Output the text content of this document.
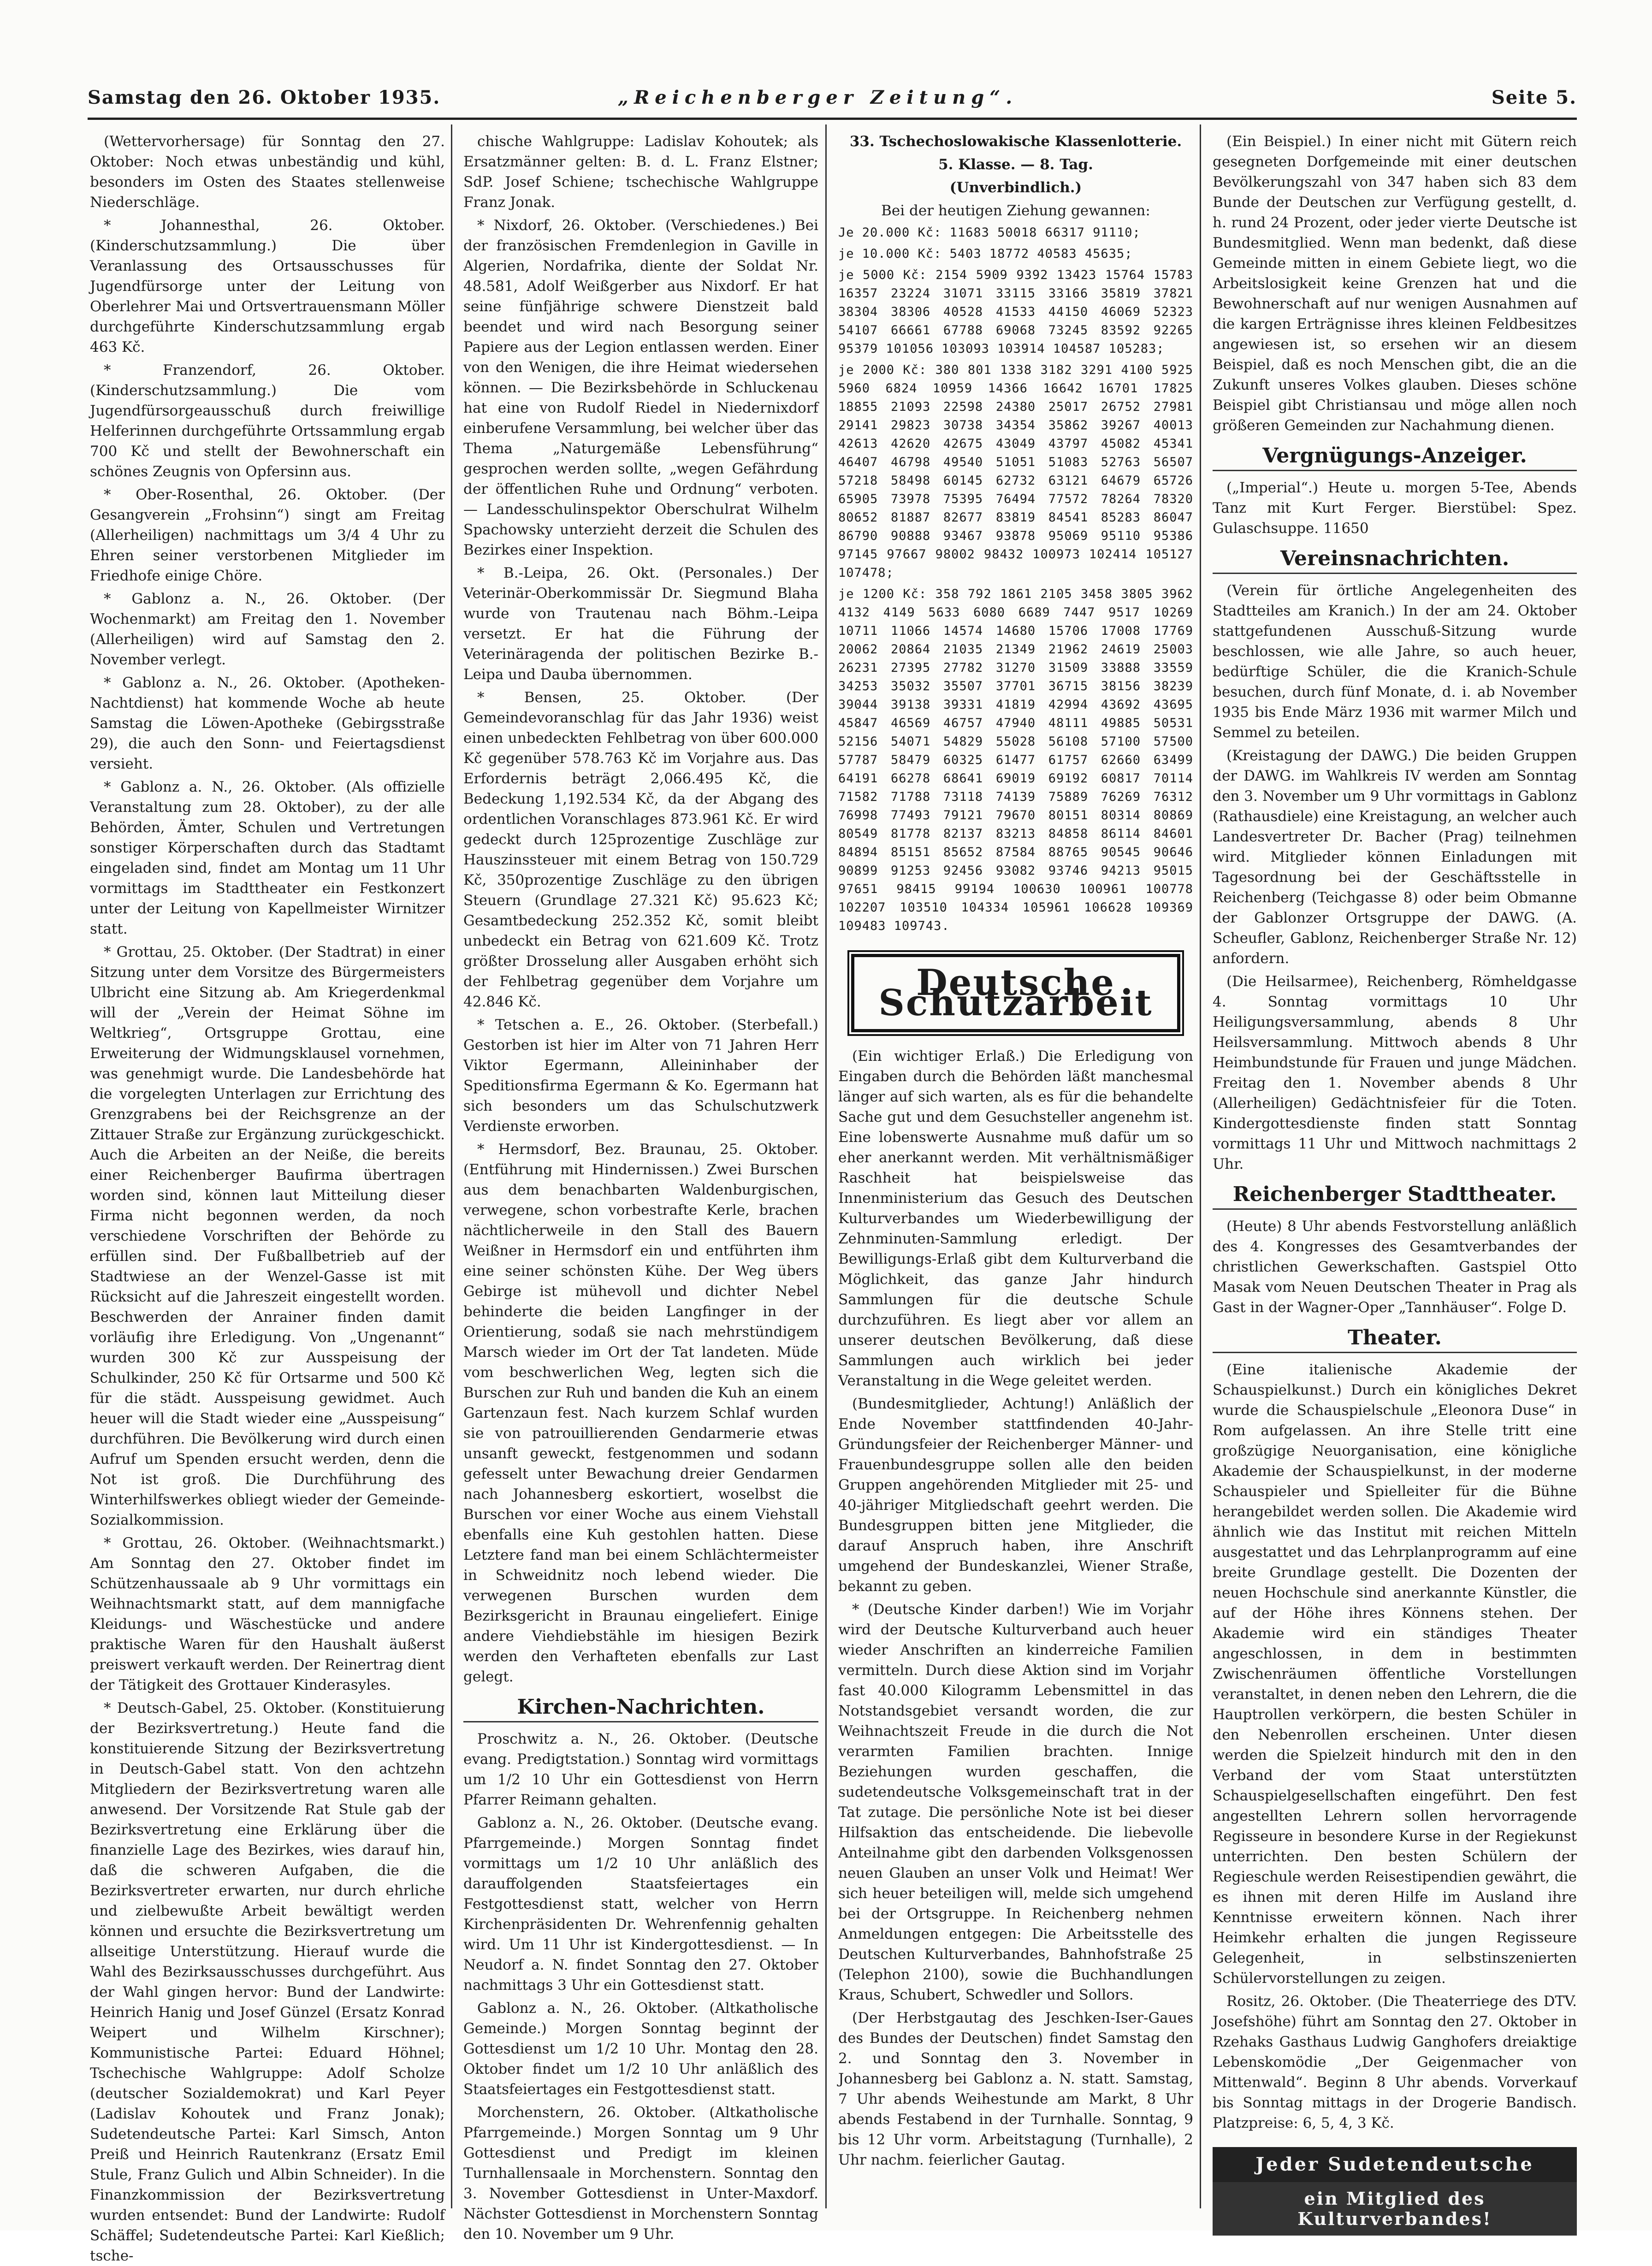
Samstag den 26. Oktober 1935.	„Reichenberger Zeitung“.	Seite 5.

(Wettervorhersage) für Sonntag den 27. Oktober: Noch etwas unbeständig und kühl, besonders im Osten des Staates stellenweise Niederschläge.

* Johannesthal, 26. Oktober. (Kinderschutzsammlung.) Die über Veranlassung des Ortsausschusses für Jugendfürsorge unter der Leitung von Oberlehrer Mai und Ortsvertrauensmann Möller durchgeführte Kinderschutzsammlung ergab 463 Kč.

* Franzendorf, 26. Oktober. (Kinderschutzsammlung.) Die vom Jugendfürsorgeausschuß durch freiwillige Helferinnen durchgeführte Ortssammlung ergab 700 Kč und stellt der Bewohnerschaft ein schönes Zeugnis von Opfersinn aus.

* Ober-Rosenthal, 26. Oktober. (Der Gesangverein „Frohsinn“) singt am Freitag (Allerheiligen) nachmittags um 3/4 4 Uhr zu Ehren seiner verstorbenen Mitglieder im Friedhofe einige Chöre.

* Gablonz a. N., 26. Oktober. (Der Wochenmarkt) am Freitag den 1. November (Allerheiligen) wird auf Samstag den 2. November verlegt.

* Gablonz a. N., 26. Oktober. (Apotheken-Nachtdienst) hat kommende Woche ab heute Samstag die Löwen-Apotheke (Gebirgsstraße 29), die auch den Sonn- und Feiertagsdienst versieht.

* Gablonz a. N., 26. Oktober. (Als offizielle Veranstaltung zum 28. Oktober), zu der alle Behörden, Ämter, Schulen und Vertretungen sonstiger Körperschaften durch das Stadtamt eingeladen sind, findet am Montag um 11 Uhr vormittags im Stadttheater ein Festkonzert unter der Leitung von Kapellmeister Wirnitzer statt.

* Grottau, 25. Oktober. (Der Stadtrat) in einer Sitzung unter dem Vorsitze des Bürgermeisters Ulbricht eine Sitzung ab. Am Kriegerdenkmal will der „Verein der Heimat Söhne im Weltkrieg“, Ortsgruppe Grottau, eine Erweiterung der Widmungsklausel vornehmen, was genehmigt wurde. Die Landesbehörde hat die vorgelegten Unterlagen zur Errichtung des Grenzgrabens bei der Reichsgrenze an der Zittauer Straße zur Ergänzung zurückgeschickt. Auch die Arbeiten an der Neiße, die bereits einer Reichenberger Baufirma übertragen worden sind, können laut Mitteilung dieser Firma nicht begonnen werden, da noch verschiedene Vorschriften der Behörde zu erfüllen sind. Der Fußballbetrieb auf der Stadtwiese an der Wenzel-Gasse ist mit Rücksicht auf die Jahreszeit eingestellt worden. Beschwerden der Anrainer finden damit vorläufig ihre Erledigung. Von „Ungenannt“ wurden 300 Kč zur Ausspeisung der Schulkinder, 250 Kč für Ortsarme und 500 Kč für die städt. Ausspeisung gewidmet. Auch heuer will die Stadt wieder eine „Ausspeisung“ durchführen. Die Bevölkerung wird durch einen Aufruf um Spenden ersucht werden, denn die Not ist groß. Die Durchführung des Winterhilfswerkes obliegt wieder der Gemeinde-Sozialkommission.

* Grottau, 26. Oktober. (Weihnachtsmarkt.) Am Sonntag den 27. Oktober findet im Schützenhaussaale ab 9 Uhr vormittags ein Weihnachtsmarkt statt, auf dem mannigfache Kleidungs- und Wäschestücke und andere praktische Waren für den Haushalt äußerst preiswert verkauft werden. Der Reinertrag dient der Tätigkeit des Grottauer Kinderasyles.

* Deutsch-Gabel, 25. Oktober. (Konstituierung der Bezirksvertretung.) Heute fand die konstituierende Sitzung der Bezirksvertretung in Deutsch-Gabel statt. Von den achtzehn Mitgliedern der Bezirksvertretung waren alle anwesend. Der Vorsitzende Rat Stule gab der Bezirksvertretung eine Erklärung über die finanzielle Lage des Bezirkes, wies darauf hin, daß die schweren Aufgaben, die die Bezirksvertreter erwarten, nur durch ehrliche und zielbewußte Arbeit bewältigt werden können und ersuchte die Bezirksvertretung um allseitige Unterstützung. Hierauf wurde die Wahl des Bezirksausschusses durchgeführt. Aus der Wahl gingen hervor: Bund der Landwirte: Heinrich Hanig und Josef Günzel (Ersatz Konrad Weipert und Wilhelm Kirschner); Kommunistische Partei: Eduard Höhnel; Tschechische Wahlgruppe: Adolf Scholze (deutscher Sozialdemokrat) und Karl Peyer (Ladislav Kohoutek und Franz Jonak); Sudetendeutsche Partei: Karl Simsch, Anton Preiß und Heinrich Rautenkranz (Ersatz Emil Stule, Franz Gulich und Albin Schneider). In die Finanzkommission der Bezirksvertretung wurden entsendet: Bund der Landwirte: Rudolf Schäffel; Sudetendeutsche Partei: Karl Kießlich; tsche-

chische Wahlgruppe: Ladislav Kohoutek; als Ersatzmänner gelten: B. d. L. Franz Elstner; SdP. Josef Schiene; tschechische Wahlgruppe Franz Jonak.

* Nixdorf, 26. Oktober. (Verschiedenes.) Bei der französischen Fremdenlegion in Gaville in Algerien, Nordafrika, diente der Soldat Nr. 48.581, Adolf Weißgerber aus Nixdorf. Er hat seine fünfjährige schwere Dienstzeit bald beendet und wird nach Besorgung seiner Papiere aus der Legion entlassen werden. Einer von den Wenigen, die ihre Heimat wiedersehen können. — Die Bezirksbehörde in Schluckenau hat eine von Rudolf Riedel in Niedernixdorf einberufene Versammlung, bei welcher über das Thema „Naturgemäße Lebensführung“ gesprochen werden sollte, „wegen Gefährdung der öffentlichen Ruhe und Ordnung“ verboten. — Landesschulinspektor Oberschulrat Wilhelm Spachowsky unterzieht derzeit die Schulen des Bezirkes einer Inspektion.

* B.-Leipa, 26. Okt. (Personales.) Der Veterinär-Oberkommissär Dr. Siegmund Blaha wurde von Trautenau nach Böhm.-Leipa versetzt. Er hat die Führung der Veterinäragenda der politischen Bezirke B.-Leipa und Dauba übernommen.

* Bensen, 25. Oktober. (Der Gemeindevoranschlag für das Jahr 1936) weist einen unbedeckten Fehlbetrag von über 600.000 Kč gegenüber 578.763 Kč im Vorjahre aus. Das Erfordernis beträgt 2,066.495 Kč, die Bedeckung 1,192.534 Kč, da der Abgang des ordentlichen Voranschlages 873.961 Kč. Er wird gedeckt durch 125prozentige Zuschläge zur Hauszinssteuer mit einem Betrag von 150.729 Kč, 350prozentige Zuschläge zu den übrigen Steuern (Grundlage 27.321 Kč) 95.623 Kč; Gesamtbedeckung 252.352 Kč, somit bleibt unbedeckt ein Betrag von 621.609 Kč. Trotz größter Drosselung aller Ausgaben erhöht sich der Fehlbetrag gegenüber dem Vorjahre um 42.846 Kč.

* Tetschen a. E., 26. Oktober. (Sterbefall.) Gestorben ist hier im Alter von 71 Jahren Herr Viktor Egermann, Alleininhaber der Speditionsfirma Egermann & Ko. Egermann hat sich besonders um das Schulschutzwerk Verdienste erworben.

* Hermsdorf, Bez. Braunau, 25. Oktober. (Entführung mit Hindernissen.) Zwei Burschen aus dem benachbarten Waldenburgischen, verwegene, schon vorbestrafte Kerle, brachen nächtlicherweile in den Stall des Bauern Weißner in Hermsdorf ein und entführten ihm eine seiner schönsten Kühe. Der Weg übers Gebirge ist mühevoll und dichter Nebel behinderte die beiden Langfinger in der Orientierung, sodaß sie nach mehrstündigem Marsch wieder im Ort der Tat landeten. Müde vom beschwerlichen Weg, legten sich die Burschen zur Ruh und banden die Kuh an einem Gartenzaun fest. Nach kurzem Schlaf wurden sie von patrouillierenden Gendarmerie etwas unsanft geweckt, festgenommen und sodann gefesselt unter Bewachung dreier Gendarmen nach Johannesberg eskortiert, woselbst die Burschen vor einer Woche aus einem Viehstall ebenfalls eine Kuh gestohlen hatten. Diese Letztere fand man bei einem Schlächtermeister in Schweidnitz noch lebend wieder. Die verwegenen Burschen wurden dem Bezirksgericht in Braunau eingeliefert. Einige andere Viehdiebstähle im hiesigen Bezirk werden den Verhafteten ebenfalls zur Last gelegt.

Kirchen-Nachrichten.

Proschwitz a. N., 26. Oktober. (Deutsche evang. Predigtstation.) Sonntag wird vormittags um 1/2 10 Uhr ein Gottesdienst von Herrn Pfarrer Reimann gehalten.

Gablonz a. N., 26. Oktober. (Deutsche evang. Pfarrgemeinde.) Morgen Sonntag findet vormittags um 1/2 10 Uhr anläßlich des darauffolgenden Staatsfeiertages ein Festgottesdienst statt, welcher von Herrn Kirchenpräsidenten Dr. Wehrenfennig gehalten wird. Um 11 Uhr ist Kindergottesdienst. — In Neudorf a. N. findet Sonntag den 27. Oktober nachmittags 3 Uhr ein Gottesdienst statt.

Gablonz a. N., 26. Oktober. (Altkatholische Gemeinde.) Morgen Sonntag beginnt der Gottesdienst um 1/2 10 Uhr. Montag den 28. Oktober findet um 1/2 10 Uhr anläßlich des Staatsfeiertages ein Festgottesdienst statt.

Morchenstern, 26. Oktober. (Altkatholische Pfarrgemeinde.) Morgen Sonntag um 9 Uhr Gottesdienst und Predigt im kleinen Turnhallensaale in Morchenstern. Sonntag den 3. November Gottesdienst in Unter-Maxdorf. Nächster Gottesdienst in Morchenstern Sonntag den 10. November um 9 Uhr.

33. Tschechoslowakische Klassenlotterie.

5. Klasse. — 8. Tag.

(Unverbindlich.)

Bei der heutigen Ziehung gewannen:

Je 20.000 Kč: 11683 50018 66317 91110;

je 10.000 Kč: 5403 18772 40583 45635;

je 5000 Kč: 2154 5909 9392 13423 15764 15783 16357 23224 31071 33115 33166 35819 37821 38304 38306 40528 41533 44150 46069 52323 54107 66661 67788 69068 73245 83592 92265 95379 101056 103093 103914 104587 105283;

je 2000 Kč: 380 801 1338 3182 3291 4100 5925 5960 6824 10959 14366 16642 16701 17825 18855 21093 22598 24380 25017 26752 27981 29141 29823 30738 34354 35862 39267 40013 42613 42620 42675 43049 43797 45082 45341 46407 46798 49540 51051 51083 52763 56507 57218 58498 60145 62732 63121 64679 65726 65905 73978 75395 76494 77572 78264 78320 80652 81887 82677 83819 84541 85283 86047 86790 90888 93467 93878 95069 95110 95386 97145 97667 98002 98432 100973 102414 105127 107478;

je 1200 Kč: 358 792 1861 2105 3458 3805 3962 4132 4149 5633 6080 6689 7447 9517 10269 10711 11066 14574 14680 15706 17008 17769 20062 20864 21035 21349 21962 24619 25003 26231 27395 27782 31270 31509 33888 33559 34253 35032 35507 37701 36715 38156 38239 39044 39138 39331 41819 42994 43692 43695 45847 46569 46757 47940 48111 49885 50531 52156 54071 54829 55028 56108 57100 57500 57787 58479 60325 61477 61757 62660 63499 64191 66278 68641 69019 69192 60817 70114 71582 71788 73118 74139 75889 76269 76312 76998 77493 79121 79670 80151 80314 80869 80549 81778 82137 83213 84858 86114 84601 84894 85151 85652 87584 88765 90545 90646 90899 91253 92456 93082 93746 94213 95015 97651 98415 99194 100630 100961 100778 102207 103510 104334 105961 106628 109369 109483 109743.

Deutsche Schutzarbeit

(Ein wichtiger Erlaß.) Die Erledigung von Eingaben durch die Behörden läßt manchesmal länger auf sich warten, als es für die behandelte Sache gut und dem Gesuchsteller angenehm ist. Eine lobenswerte Ausnahme muß dafür um so eher anerkannt werden. Mit verhältnismäßiger Raschheit hat beispielsweise das Innenministerium das Gesuch des Deutschen Kulturverbandes um Wiederbewilligung der Zehnminuten-Sammlung erledigt. Der Bewilligungs-Erlaß gibt dem Kulturverband die Möglichkeit, das ganze Jahr hindurch Sammlungen für die deutsche Schule durchzuführen. Es liegt aber vor allem an unserer deutschen Bevölkerung, daß diese Sammlungen auch wirklich bei jeder Veranstaltung in die Wege geleitet werden.

(Bundesmitglieder, Achtung!) Anläßlich der Ende November stattfindenden 40-Jahr-Gründungsfeier der Reichenberger Männer- und Frauenbundesgruppe sollen alle den beiden Gruppen angehörenden Mitglieder mit 25- und 40-jähriger Mitgliedschaft geehrt werden. Die Bundesgruppen bitten jene Mitglieder, die darauf Anspruch haben, ihre Anschrift umgehend der Bundeskanzlei, Wiener Straße, bekannt zu geben.

* (Deutsche Kinder darben!) Wie im Vorjahr wird der Deutsche Kulturverband auch heuer wieder Anschriften an kinderreiche Familien vermitteln. Durch diese Aktion sind im Vorjahr fast 40.000 Kilogramm Lebensmittel in das Notstandsgebiet versandt worden, die zur Weihnachtszeit Freude in die durch die Not verarmten Familien brachten. Innige Beziehungen wurden geschaffen, die sudetendeutsche Volksgemeinschaft trat in der Tat zutage. Die persönliche Note ist bei dieser Hilfsaktion das entscheidende. Die liebevolle Anteilnahme gibt den darbenden Volksgenossen neuen Glauben an unser Volk und Heimat! Wer sich heuer beteiligen will, melde sich umgehend bei der Ortsgruppe. In Reichenberg nehmen Anmeldungen entgegen: Die Arbeitsstelle des Deutschen Kulturverbandes, Bahnhofstraße 25 (Telephon 2100), sowie die Buchhandlungen Kraus, Schubert, Schwedler und Sollors.

(Der Herbstgautag des Jeschken-Iser-Gaues des Bundes der Deutschen) findet Samstag den 2. und Sonntag den 3. November in Johannesberg bei Gablonz a. N. statt. Samstag, 7 Uhr abends Weihestunde am Markt, 8 Uhr abends Festabend in der Turnhalle. Sonntag, 9 bis 12 Uhr vorm. Arbeitstagung (Turnhalle), 2 Uhr nachm. feierlicher Gautag.

(Ein Beispiel.) In einer nicht mit Gütern reich gesegneten Dorfgemeinde mit einer deutschen Bevölkerungszahl von 347 haben sich 83 dem Bunde der Deutschen zur Verfügung gestellt, d. h. rund 24 Prozent, oder jeder vierte Deutsche ist Bundesmitglied. Wenn man bedenkt, daß diese Gemeinde mitten in einem Gebiete liegt, wo die Arbeitslosigkeit keine Grenzen hat und die Bewohnerschaft auf nur wenigen Ausnahmen auf die kargen Erträgnisse ihres kleinen Feldbesitzes angewiesen ist, so ersehen wir an diesem Beispiel, daß es noch Menschen gibt, die an die Zukunft unseres Volkes glauben. Dieses schöne Beispiel gibt Christiansau und möge allen noch größeren Gemeinden zur Nachahmung dienen.

Vergnügungs-Anzeiger.

(„Imperial“.) Heute u. morgen 5-Tee, Abends Tanz mit Kurt Ferger. Bierstübel: Spez. Gulaschsuppe. 11650

Vereinsnachrichten.

(Verein für örtliche Angelegenheiten des Stadtteiles am Kranich.) In der am 24. Oktober stattgefundenen Ausschuß-Sitzung wurde beschlossen, wie alle Jahre, so auch heuer, bedürftige Schüler, die die Kranich-Schule besuchen, durch fünf Monate, d. i. ab November 1935 bis Ende März 1936 mit warmer Milch und Semmel zu beteilen.

(Kreistagung der DAWG.) Die beiden Gruppen der DAWG. im Wahlkreis IV werden am Sonntag den 3. November um 9 Uhr vormittags in Gablonz (Rathausdiele) eine Kreistagung, an welcher auch Landesvertreter Dr. Bacher (Prag) teilnehmen wird. Mitglieder können Einladungen mit Tagesordnung bei der Geschäftsstelle in Reichenberg (Teichgasse 8) oder beim Obmanne der Gablonzer Ortsgruppe der DAWG. (A. Scheufler, Gablonz, Reichenberger Straße Nr. 12) anfordern.

(Die Heilsarmee), Reichenberg, Römheldgasse 4. Sonntag vormittags 10 Uhr Heiligungsversammlung, abends 8 Uhr Heilsversammlung. Mittwoch abends 8 Uhr Heimbundstunde für Frauen und junge Mädchen. Freitag den 1. November abends 8 Uhr (Allerheiligen) Gedächtnisfeier für die Toten. Kindergottesdienste finden statt Sonntag vormittags 11 Uhr und Mittwoch nachmittags 2 Uhr.

Reichenberger Stadttheater.

(Heute) 8 Uhr abends Festvorstellung anläßlich des 4. Kongresses des Gesamtverbandes der christlichen Gewerkschaften. Gastspiel Otto Masak vom Neuen Deutschen Theater in Prag als Gast in der Wagner-Oper „Tannhäuser“. Folge D.

Theater.

(Eine italienische Akademie der Schauspielkunst.) Durch ein königliches Dekret wurde die Schauspielschule „Eleonora Duse“ in Rom aufgelassen. An ihre Stelle tritt eine großzügige Neuorganisation, eine königliche Akademie der Schauspielkunst, in der moderne Schauspieler und Spielleiter für die Bühne herangebildet werden sollen. Die Akademie wird ähnlich wie das Institut mit reichen Mitteln ausgestattet und das Lehrplanprogramm auf eine breite Grundlage gestellt. Die Dozenten der neuen Hochschule sind anerkannte Künstler, die auf der Höhe ihres Könnens stehen. Der Akademie wird ein ständiges Theater angeschlossen, in dem in bestimmten Zwischenräumen öffentliche Vorstellungen veranstaltet, in denen neben den Lehrern, die die Hauptrollen verkörpern, die besten Schüler in den Nebenrollen erscheinen. Unter diesen werden die Spielzeit hindurch mit den in den Verband der vom Staat unterstützten Schauspielgesellschaften eingeführt. Den fest angestellten Lehrern sollen hervorragende Regisseure in besondere Kurse in der Regiekunst unterrichten. Den besten Schülern der Regieschule werden Reisestipendien gewährt, die es ihnen mit deren Hilfe im Ausland ihre Kenntnisse erweitern können. Nach ihrer Heimkehr erhalten die jungen Regisseure Gelegenheit, in selbstinszenierten Schülervorstellungen zu zeigen.

Rositz, 26. Oktober. (Die Theaterriege des DTV. Josefshöhe) führt am Sonntag den 27. Oktober in Rzehaks Gasthaus Ludwig Ganghofers dreiaktige Lebenskomödie „Der Geigenmacher von Mittenwald“. Beginn 8 Uhr abends. Vorverkauf bis Sonntag mittags in der Drogerie Bandisch. Platzpreise: 6, 5, 4, 3 Kč.

Jeder Sudetendeutsche
ein Mitglied des Kulturverbandes!
